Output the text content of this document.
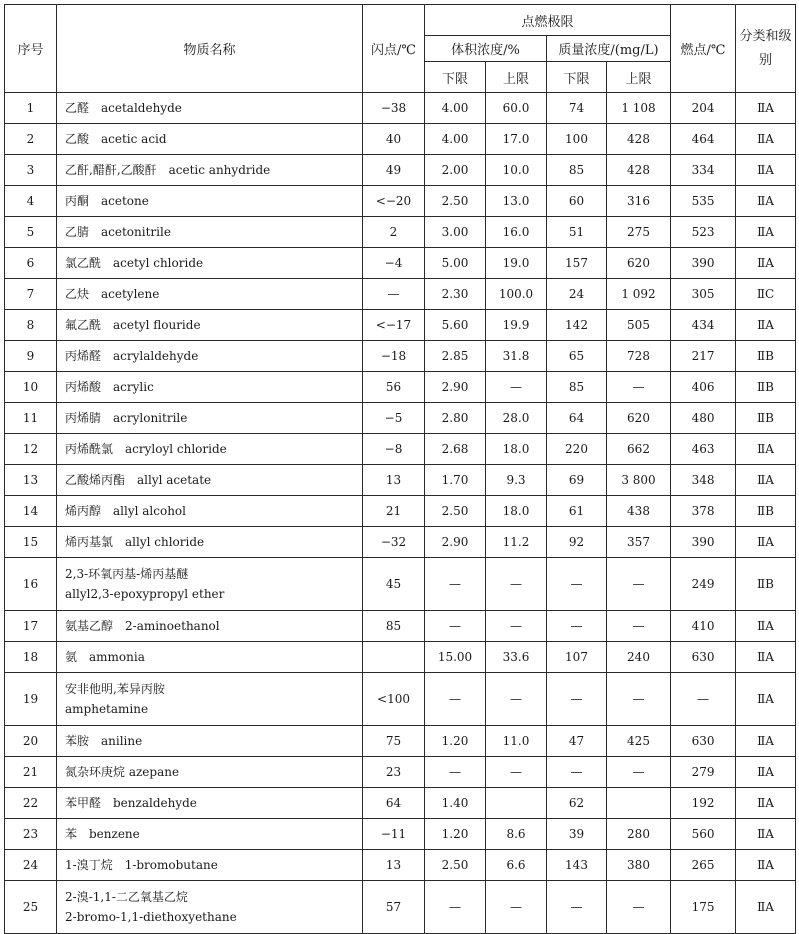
序号	物质名称	闪点/℃	点燃极限				燃点/℃	分类和级别
			体积浓度/%		质量浓度/(mg/L)			
			下限	上限	下限	上限		
1	乙醛　acetaldehyde	−38	4.00	60.0	74	1 108	204	ⅡA
2	乙酸　acetic acid	40	4.00	17.0	100	428	464	ⅡA
3	乙酐,醋酐,乙酸酐　acetic anhydride	49	2.00	10.0	85	428	334	ⅡA
4	丙酮　acetone	<−20	2.50	13.0	60	316	535	ⅡA
5	乙腈　acetonitrile	2	3.00	16.0	51	275	523	ⅡA
6	氯乙酰　acetyl chloride	−4	5.00	19.0	157	620	390	ⅡA
7	乙炔　acetylene	—	2.30	100.0	24	1 092	305	ⅡC
8	氟乙酰　acetyl flouride	<−17	5.60	19.9	142	505	434	ⅡA
9	丙烯醛　acrylaldehyde	−18	2.85	31.8	65	728	217	ⅡB
10	丙烯酸　acrylic	56	2.90	—	85	—	406	ⅡB
11	丙烯腈　acrylonitrile	−5	2.80	28.0	64	620	480	ⅡB
12	丙烯酰氯　acryloyl chloride	−8	2.68	18.0	220	662	463	ⅡA
13	乙酸烯丙酯　allyl acetate	13	1.70	9.3	69	3 800	348	ⅡA
14	烯丙醇　allyl alcohol	21	2.50	18.0	61	438	378	ⅡB
15	烯丙基氯　allyl chloride	−32	2.90	11.2	92	357	390	ⅡA
16	2,3-环氧丙基-烯丙基醚
allyl2,3-epoxypropyl ether	45	—	—	—	—	249	ⅡB
17	氨基乙醇　2-aminoethanol	85	—	—	—	—	410	ⅡA
18	氨　ammonia		15.00	33.6	107	240	630	ⅡA
19	安非他明,苯异丙胺
amphetamine	<100	—	—	—	—	—	ⅡA
20	苯胺　aniline	75	1.20	11.0	47	425	630	ⅡA
21	氮杂环庚烷 azepane	23	—	—	—	—	279	ⅡA
22	苯甲醛　benzaldehyde	64	1.40		62		192	ⅡA
23	苯　benzene	−11	1.20	8.6	39	280	560	ⅡA
24	1-溴丁烷　1-bromobutane	13	2.50	6.6	143	380	265	ⅡA
25	2-溴-1,1-二乙氧基乙烷
2-bromo-1,1-diethoxyethane	57	—	—	—	—	175	ⅡA
